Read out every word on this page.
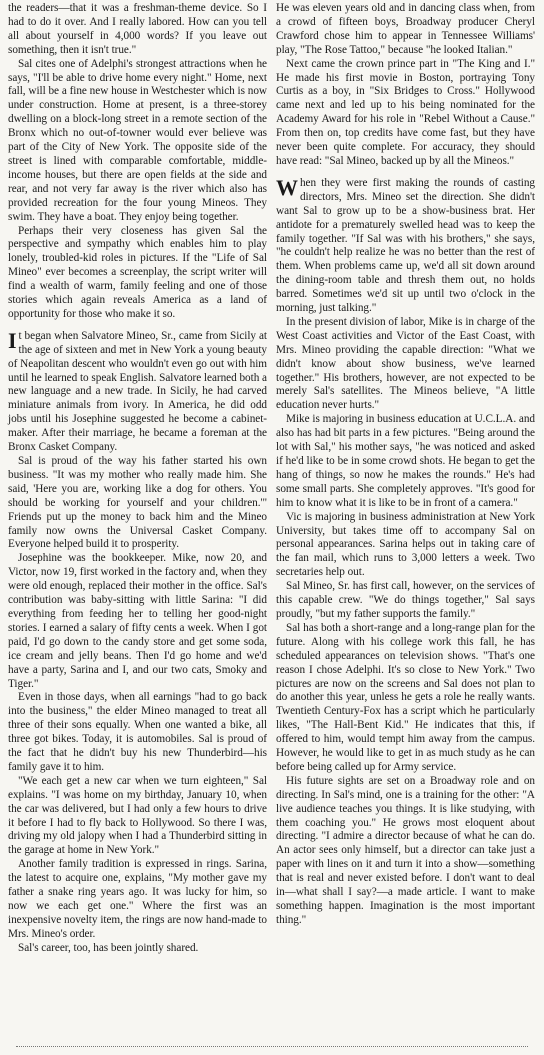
the readers—that it was a freshman-theme device. So I had to do it over. And I really labored. How can you tell all about yourself in 4,000 words? If you leave out something, then it isn't true."

Sal cites one of Adelphi's strongest attractions when he says, "I'll be able to drive home every night." Home, next fall, will be a fine new house in Westchester which is now under construction. Home at present, is a three-storey dwelling on a block-long street in a remote section of the Bronx which no out-of-towner would ever believe was part of the City of New York. The opposite side of the street is lined with comparable comfortable, middle-income houses, but there are open fields at the side and rear, and not very far away is the river which also has provided recreation for the four young Mineos. They swim. They have a boat. They enjoy being together.

Perhaps their very closeness has given Sal the perspective and sympathy which enables him to play lonely, troubled-kid roles in pictures. If the "Life of Sal Mineo" ever becomes a screenplay, the script writer will find a wealth of warm, family feeling and one of those stories which again reveals America as a land of opportunity for those who make it so.

It began when Salvatore Mineo, Sr., came from Sicily at the age of sixteen and met in New York a young beauty of Neapolitan descent who wouldn't even go out with him until he learned to speak English. Salvatore learned both a new language and a new trade. In Sicily, he had carved miniature animals from ivory. In America, he did odd jobs until his Josephine suggested he become a cabinet-maker. After their marriage, he became a foreman at the Bronx Casket Company.

Sal is proud of the way his father started his own business. "It was my mother who really made him. She said, 'Here you are, working like a dog for others. You should be working for yourself and your children.'" Friends put up the money to back him and the Mineo family now owns the Universal Casket Company. Everyone helped build it to prosperity.

Josephine was the bookkeeper. Mike, now 20, and Victor, now 19, first worked in the factory and, when they were old enough, replaced their mother in the office. Sal's contribution was baby-sitting with little Sarina: "I did everything from feeding her to telling her good-night stories. I earned a salary of fifty cents a week. When I got paid, I'd go down to the candy store and get some soda, ice cream and jelly beans. Then I'd go home and we'd have a party, Sarina and I, and our two cats, Smoky and Tiger."

Even in those days, when all earnings "had to go back into the business," the elder Mineo managed to treat all three of their sons equally. When one wanted a bike, all three got bikes. Today, it is automobiles. Sal is proud of the fact that he didn't buy his new Thunderbird—his family gave it to him.

"We each get a new car when we turn eighteen," Sal explains. "I was home on my birthday, January 10, when the car was delivered, but I had only a few hours to drive it before I had to fly back to Hollywood. So there I was, driving my old jalopy when I had a Thunderbird sitting in the garage at home in New York."

Another family tradition is expressed in rings. Sarina, the latest to acquire one, explains, "My mother gave my father a snake ring years ago. It was lucky for him, so now we each get one." Where the first was an inexpensive novelty item, the rings are now hand-made to Mrs. Mineo's order.

Sal's career, too, has been jointly shared.

He was eleven years old and in dancing class when, from a crowd of fifteen boys, Broadway producer Cheryl Crawford chose him to appear in Tennessee Williams' play, "The Rose Tattoo," because "he looked Italian."

Next came the crown prince part in "The King and I." He made his first movie in Boston, portraying Tony Curtis as a boy, in "Six Bridges to Cross." Hollywood came next and led up to his being nominated for the Academy Award for his role in "Rebel Without a Cause." From then on, top credits have come fast, but they have never been quite complete. For accuracy, they should have read: "Sal Mineo, backed up by all the Mineos."

When they were first making the rounds of casting directors, Mrs. Mineo set the direction. She didn't want Sal to grow up to be a show-business brat. Her antidote for a prematurely swelled head was to keep the family together. "If Sal was with his brothers," she says, "he couldn't help realize he was no better than the rest of them. When problems came up, we'd all sit down around the dining-room table and thresh them out, no holds barred. Sometimes we'd sit up until two o'clock in the morning, just talking."

In the present division of labor, Mike is in charge of the West Coast activities and Victor of the East Coast, with Mrs. Mineo providing the capable direction: "What we didn't know about show business, we've learned together." His brothers, however, are not expected to be merely Sal's satellites. The Mineos believe, "A little education never hurts."

Mike is majoring in business education at U.C.L.A. and also has had bit parts in a few pictures. "Being around the lot with Sal," his mother says, "he was noticed and asked if he'd like to be in some crowd shots. He began to get the hang of things, so now he makes the rounds." He's had some small parts. She completely approves. "It's good for him to know what it is like to be in front of a camera."

Vic is majoring in business administration at New York University, but takes time off to accompany Sal on personal appearances. Sarina helps out in taking care of the fan mail, which runs to 3,000 letters a week. Two secretaries help out.

Sal Mineo, Sr. has first call, however, on the services of this capable crew. "We do things together," Sal says proudly, "but my father supports the family."

Sal has both a short-range and a long-range plan for the future. Along with his college work this fall, he has scheduled appearances on television shows. "That's one reason I chose Adelphi. It's so close to New York." Two pictures are now on the screens and Sal does not plan to do another this year, unless he gets a role he really wants. Twentieth Century-Fox has a script which he particularly likes, "The Hall-Bent Kid." He indicates that this, if offered to him, would tempt him away from the campus. However, he would like to get in as much study as he can before being called up for Army service.

His future sights are set on a Broadway role and on directing. In Sal's mind, one is a training for the other: "A live audience teaches you things. It is like studying, with them coaching you." He grows most eloquent about directing. "I admire a director because of what he can do. An actor sees only himself, but a director can take just a paper with lines on it and turn it into a show—something that is real and never existed before. I don't want to deal in—what shall I say?—a made article. I want to make something happen. Imagination is the most important thing."
